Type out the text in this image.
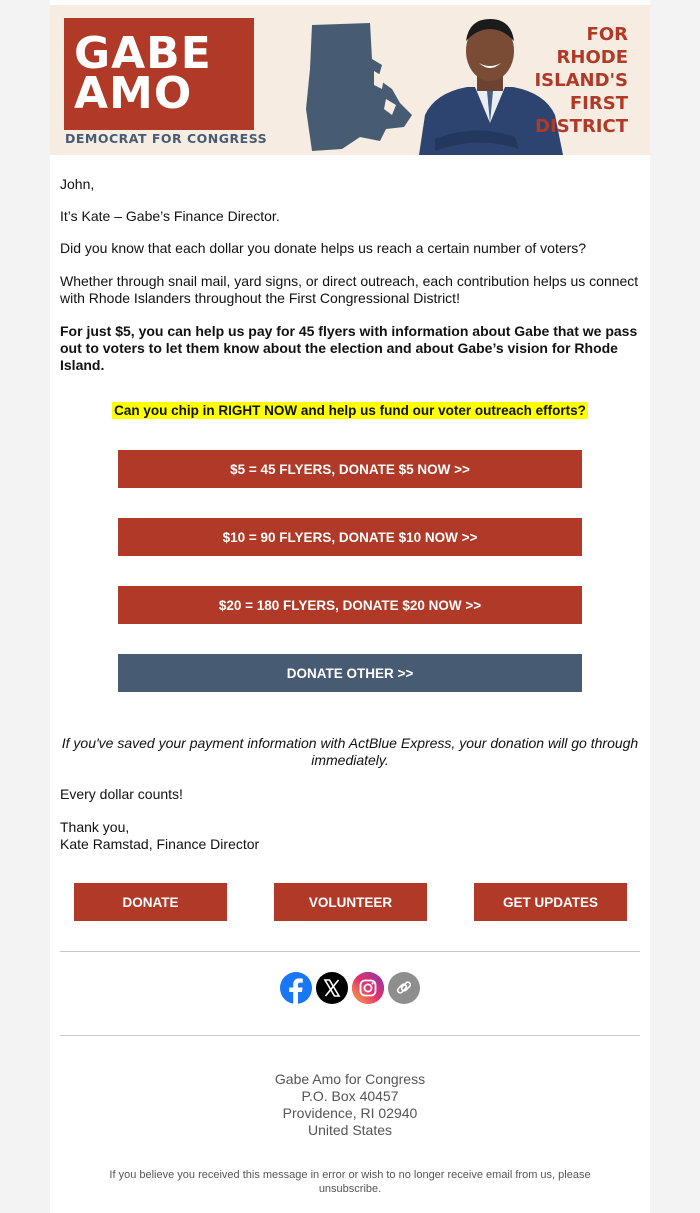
GABE
AMO
DEMOCRAT FOR CONGRESS
FOR
RHODE
ISLAND'S
FIRST
DISTRICT

John,

It’s Kate – Gabe’s Finance Director.

Did you know that each dollar you donate helps us reach a certain number of voters?

Whether through snail mail, yard signs, or direct outreach, each contribution helps us connect with Rhode Islanders throughout the First Congressional District!

For just $5, you can help us pay for 45 flyers with information about Gabe that we pass out to voters to let them know about the election and about Gabe’s vision for Rhode Island.

Can you chip in RIGHT NOW and help us fund our voter outreach efforts?
$5 = 45 FLYERS, DONATE $5 NOW >>
$10 = 90 FLYERS, DONATE $10 NOW >>
$20 = 180 FLYERS, DONATE $20 NOW >>
DONATE OTHER >>

If you've saved your payment information with ActBlue Express, your donation will go through immediately.

Every dollar counts!

Thank you,

Kate Ramstad, Finance Director

DONATE	VOLUNTEER	GET UPDATES
Gabe Amo for Congress
P.O. Box 40457
Providence, RI 02940
United States
If you believe you received this message in error or wish to no longer receive email from us, please unsubscribe.
